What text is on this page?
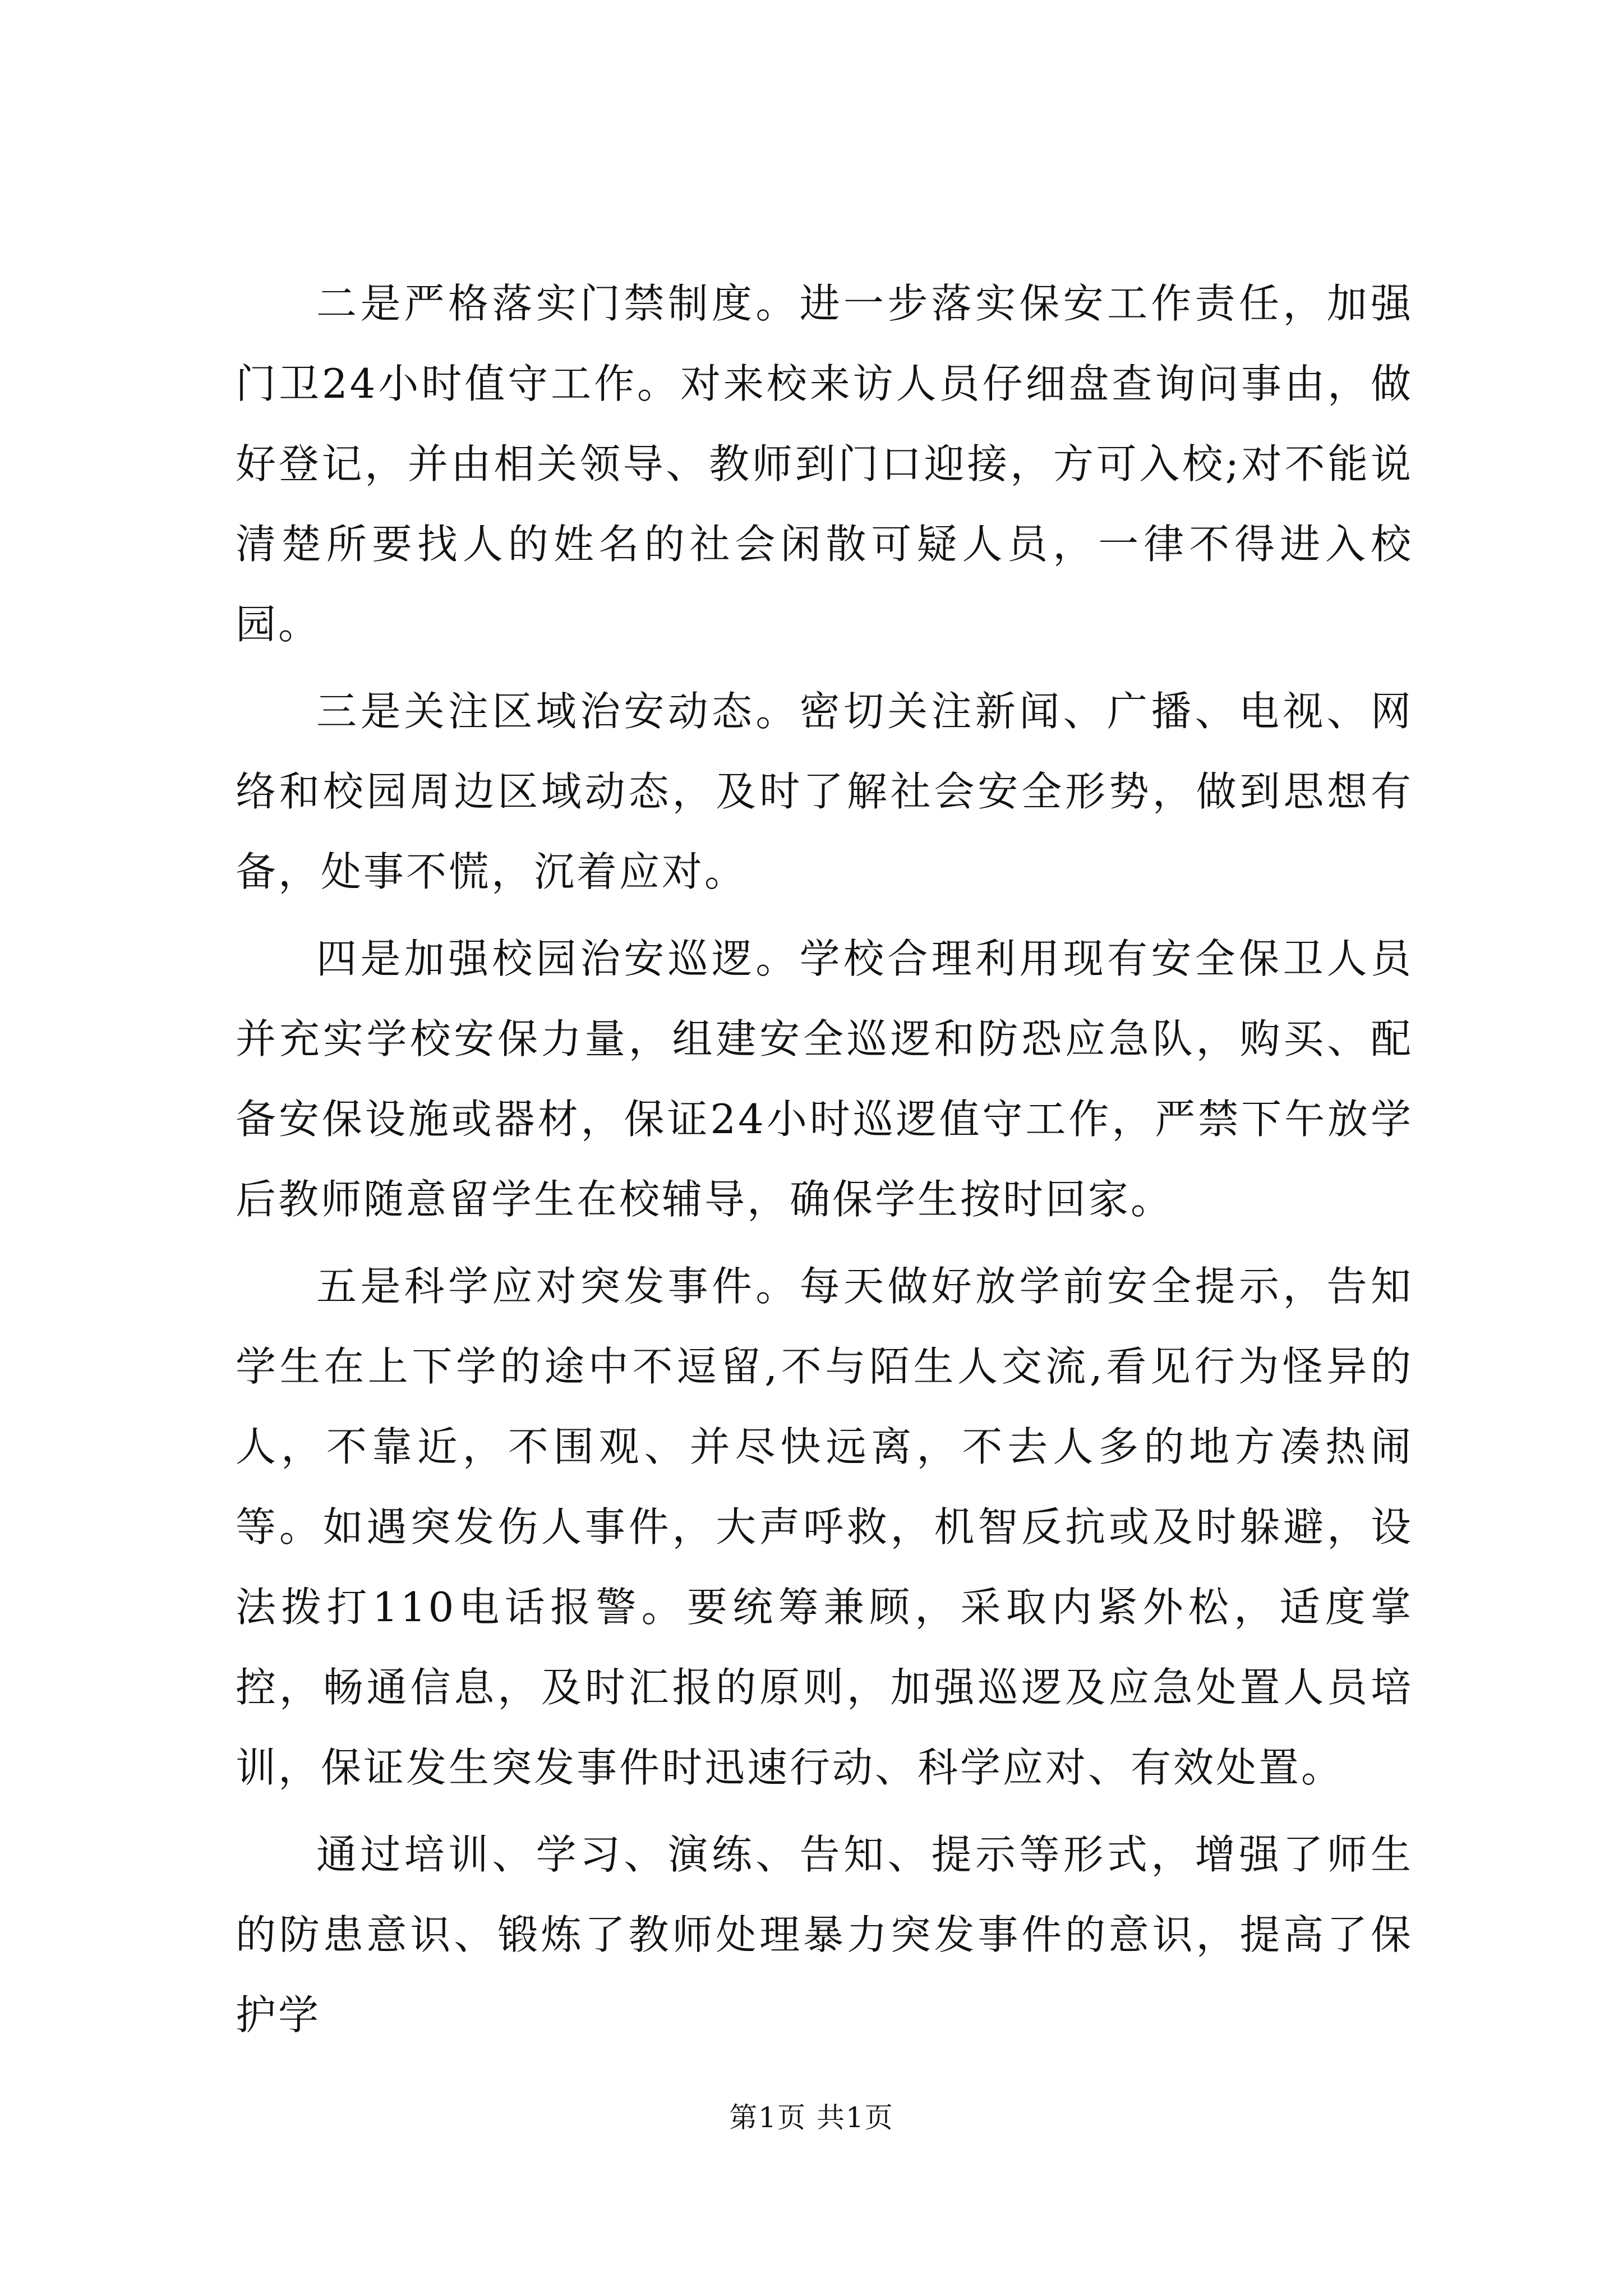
二是严格落实门禁制度。进一步落实保安工作责任，加强门卫24小时值守工作。对来校来访人员仔细盘查询问事由，做好登记，并由相关领导、教师到门口迎接，方可入校;对不能说清楚所要找人的姓名的社会闲散可疑人员，一律不得进入校园。

三是关注区域治安动态。密切关注新闻、广播、电视、网络和校园周边区域动态，及时了解社会安全形势，做到思想有备，处事不慌，沉着应对。

四是加强校园治安巡逻。学校合理利用现有安全保卫人员并充实学校安保力量，组建安全巡逻和防恐应急队，购买、配备安保设施或器材，保证24小时巡逻值守工作，严禁下午放学后教师随意留学生在校辅导，确保学生按时回家。

五是科学应对突发事件。每天做好放学前安全提示，告知学生在上下学的途中不逗留,不与陌生人交流,看见行为怪异的人，不靠近，不围观、并尽快远离，不去人多的地方凑热闹等。如遇突发伤人事件，大声呼救，机智反抗或及时躲避，设法拨打110电话报警。要统筹兼顾，采取内紧外松，适度掌控，畅通信息，及时汇报的原则，加强巡逻及应急处置人员培训，保证发生突发事件时迅速行动、科学应对、有效处置。

通过培训、学习、演练、告知、提示等形式，增强了师生的防患意识、锻炼了教师处理暴力突发事件的意识，提高了保护学

第1页 共1页
